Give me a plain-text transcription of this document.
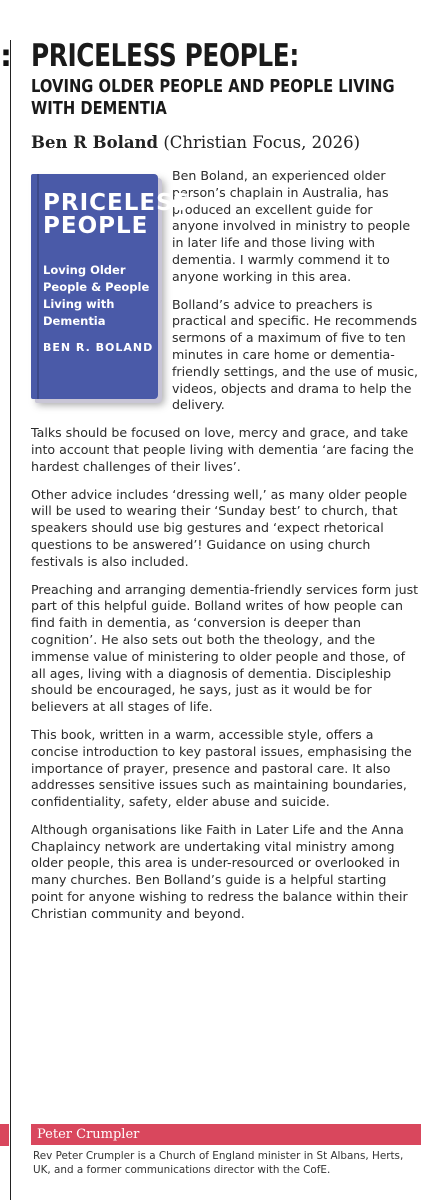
: PRICELESS PEOPLE:
LOVING OLDER PEOPLE AND PEOPLE LIVING WITH DEMENTIA
Ben R Boland (Christian Focus, 2026)
PRICELESS PEOPLE
Loving Older People & People Living with Dementia
BEN R. BOLAND

Ben Boland, an experienced older person’s chaplain in Australia, has produced an excellent guide for anyone involved in ministry to people in later life and those living with dementia. I warmly commend it to anyone working in this area.

Bolland’s advice to preachers is practical and specific. He recommends sermons of a maximum of five to ten minutes in care home or dementia-friendly settings, and the use of music, videos, objects and drama to help the delivery.

Talks should be focused on love, mercy and grace, and take into account that people living with dementia ‘are facing the hardest challenges of their lives’.

Other advice includes ‘dressing well,’ as many older people will be used to wearing their ‘Sunday best’ to church, that speakers should use big gestures and ‘expect rhetorical questions to be answered’! Guidance on using church festivals is also included.

Preaching and arranging dementia-friendly services form just part of this helpful guide. Bolland writes of how people can find faith in dementia, as ‘conversion is deeper than cognition’. He also sets out both the theology, and the immense value of ministering to older people and those, of all ages, living with a diagnosis of dementia. Discipleship should be encouraged, he says, just as it would be for believers at all stages of life.

This book, written in a warm, accessible style, offers a concise introduction to key pastoral issues, emphasising the importance of prayer, presence and pastoral care. It also addresses sensitive issues such as maintaining boundaries, confidentiality, safety, elder abuse and suicide.

Although organisations like Faith in Later Life and the Anna Chaplaincy network are undertaking vital ministry among older people, this area is under-resourced or overlooked in many churches. Ben Bolland’s guide is a helpful starting point for anyone wishing to redress the balance within their Christian community and beyond.

Peter Crumpler
Rev Peter Crumpler is a Church of England minister in St Albans, Herts, UK, and a former communications director with the CofE.
